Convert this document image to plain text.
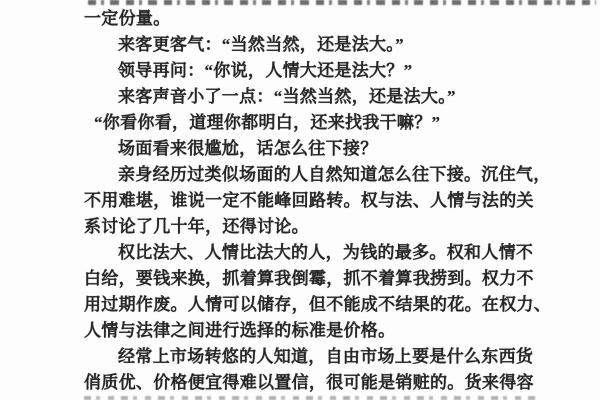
一定份量。
来客更客气：“当然当然，还是法大。”
领导再问：“你说，人情大还是法大？”
来客声音小了一点：“当然当然，还是法大。”
“你看你看，道理你都明白，还来找我干嘛？”
场面看来很尴尬，话怎么往下接？
亲身经历过类似场面的人自然知道怎么往下接。沉住气，
不用难堪，谁说一定不能峰回路转。权与法、人情与法的关
系讨论了几十年，还得讨论。
权比法大、人情比法大的人，为钱的最多。权和人情不
白给，要钱来换，抓着算我倒霉，抓不着算我捞到。权力不
用过期作废。人情可以储存，但不能成不结果的花。在权力、
人情与法律之间进行选择的标准是价格。
经常上市场转悠的人知道，自由市场上要是什么东西货
俏质优、价格便宜得难以置信，很可能是销赃的。货来得容
